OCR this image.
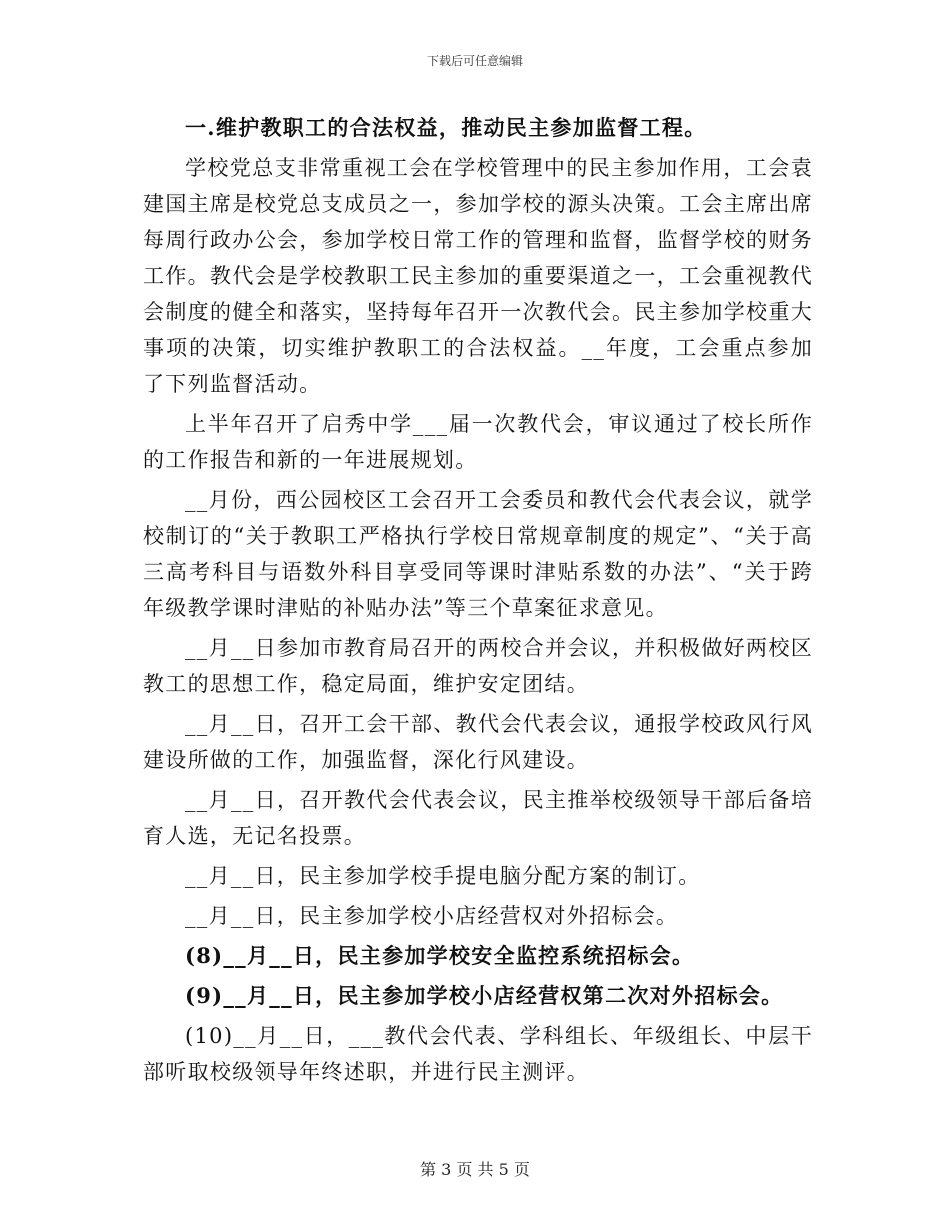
下载后可任意编辑

一.维护教职工的合法权益，推动民主参加监督工程。

学校党总支非常重视工会在学校管理中的民主参加作用，工会袁建国主席是校党总支成员之一，参加学校的源头决策。工会主席出席每周行政办公会，参加学校日常工作的管理和监督，监督学校的财务工作。教代会是学校教职工民主参加的重要渠道之一，工会重视教代会制度的健全和落实，坚持每年召开一次教代会。民主参加学校重大事项的决策，切实维护教职工的合法权益。__年度，工会重点参加了下列监督活动。

上半年召开了启秀中学___届一次教代会，审议通过了校长所作的工作报告和新的一年进展规划。

__月份，西公园校区工会召开工会委员和教代会代表会议，就学校制订的“关于教职工严格执行学校日常规章制度的规定”、“关于高三高考科目与语数外科目享受同等课时津贴系数的办法”、“关于跨年级教学课时津贴的补贴办法”等三个草案征求意见。

__月__日参加市教育局召开的两校合并会议，并积极做好两校区教工的思想工作，稳定局面，维护安定团结。

__月__日，召开工会干部、教代会代表会议，通报学校政风行风建设所做的工作，加强监督，深化行风建设。

__月__日，召开教代会代表会议，民主推举校级领导干部后备培育人选，无记名投票。

__月__日，民主参加学校手提电脑分配方案的制订。

__月__日，民主参加学校小店经营权对外招标会。

(8)__月__日，民主参加学校安全监控系统招标会。

(9)__月__日，民主参加学校小店经营权第二次对外招标会。

(10)__月__日，___教代会代表、学科组长、年级组长、中层干部听取校级领导年终述职，并进行民主测评。

第 3 页 共 5 页
